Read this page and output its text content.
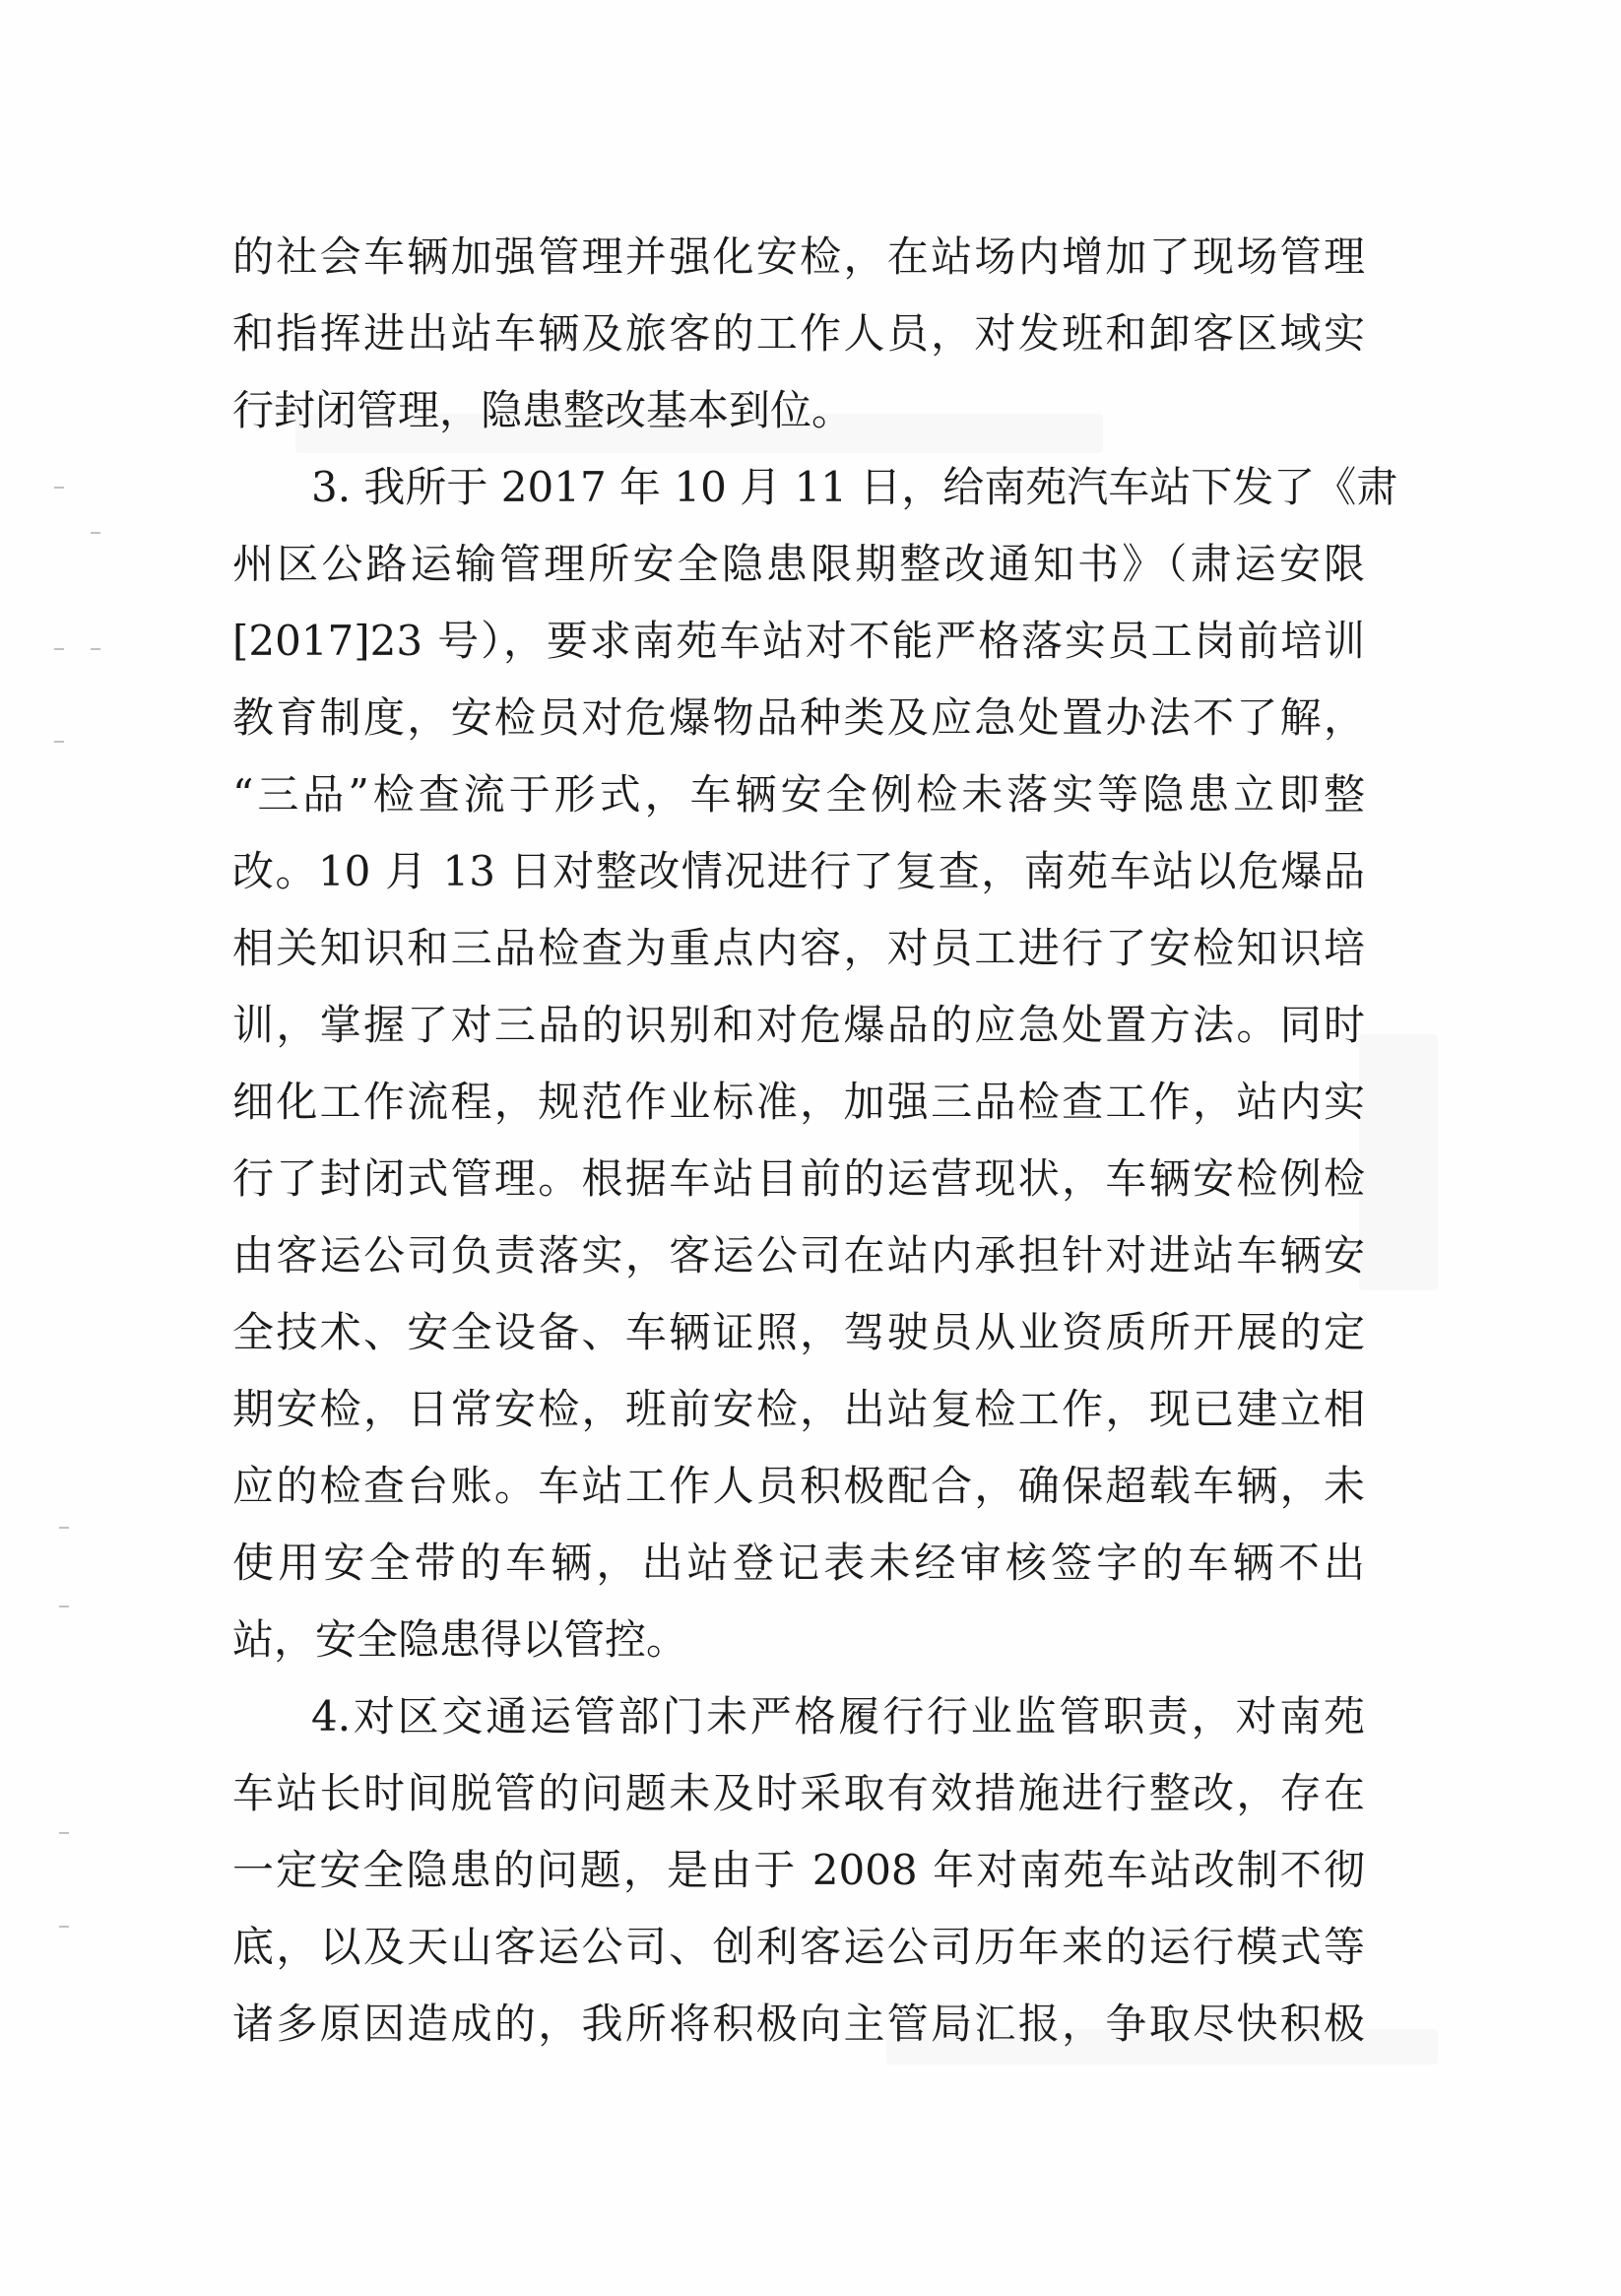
的社会车辆加强管理并强化安检，在站场内增加了现场管理
和指挥进出站车辆及旅客的工作人员，对发班和卸客区域实
行封闭管理，隐患整改基本到位。
3. 我所于 2017 年 10 月 11 日，给南苑汽车站下发了《肃
州区公路运输管理所安全隐患限期整改通知书》（肃运安限
[2017]23 号），要求南苑车站对不能严格落实员工岗前培训
教育制度，安检员对危爆物品种类及应急处置办法不了解，
“三品”检查流于形式，车辆安全例检未落实等隐患立即整
改。10 月 13 日对整改情况进行了复查，南苑车站以危爆品
相关知识和三品检查为重点内容，对员工进行了安检知识培
训，掌握了对三品的识别和对危爆品的应急处置方法。同时
细化工作流程，规范作业标准，加强三品检查工作，站内实
行了封闭式管理。根据车站目前的运营现状，车辆安检例检
由客运公司负责落实，客运公司在站内承担针对进站车辆安
全技术、安全设备、车辆证照，驾驶员从业资质所开展的定
期安检，日常安检，班前安检，出站复检工作，现已建立相
应的检查台账。车站工作人员积极配合，确保超载车辆，未
使用安全带的车辆，出站登记表未经审核签字的车辆不出
站，安全隐患得以管控。
4.对区交通运管部门未严格履行行业监管职责，对南苑
车站长时间脱管的问题未及时采取有效措施进行整改，存在
一定安全隐患的问题，是由于 2008 年对南苑车站改制不彻
底，以及天山客运公司、创利客运公司历年来的运行模式等
诸多原因造成的，我所将积极向主管局汇报，争取尽快积极
